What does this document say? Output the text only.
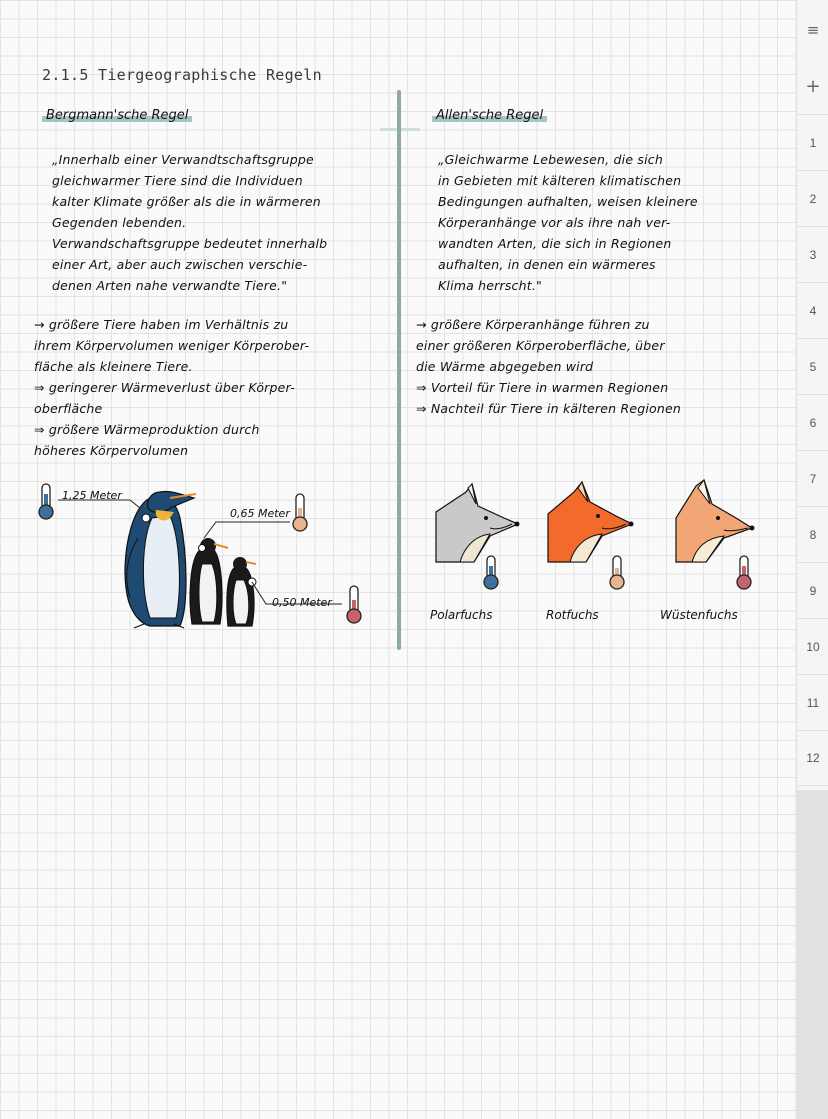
2.1.5 Tiergeographische Regeln
Bergmann'sche Regel
„Innerhalb einer Verwandtschaftsgruppe
gleichwarmer Tiere sind die Individuen
kalter Klimate größer als die in wärmeren
Gegenden lebenden.
Verwandschaftsgruppe bedeutet innerhalb
einer Art, aber auch zwischen verschie-
denen Arten nahe verwandte Tiere."
→ größere Tiere haben im Verhältnis zu
ihrem Körpervolumen weniger Körperober-
fläche als kleinere Tiere.
⇒ geringerer Wärmeverlust über Körper-
oberfläche
⇒ größere Wärmeproduktion durch
höheres Körpervolumen
1,25 Meter
0,65 Meter
0,50 Meter
Allen'sche Regel
„Gleichwarme Lebewesen, die sich
in Gebieten mit kälteren klimatischen
Bedingungen aufhalten, weisen kleinere
Körperanhänge vor als ihre nah ver-
wandten Arten, die sich in Regionen
aufhalten, in denen ein wärmeres
Klima herrscht."
→ größere Körperanhänge führen zu
einer größeren Körperoberfläche, über
die Wärme abgegeben wird
⇒ Vorteil für Tiere in warmen Regionen
⇒ Nachteil für Tiere in kälteren Regionen
Polarfuchs	Rotfuchs	Wüstenfuchs
≡
+
1
2
3
4
5
6
7
8
9
10
11
12
